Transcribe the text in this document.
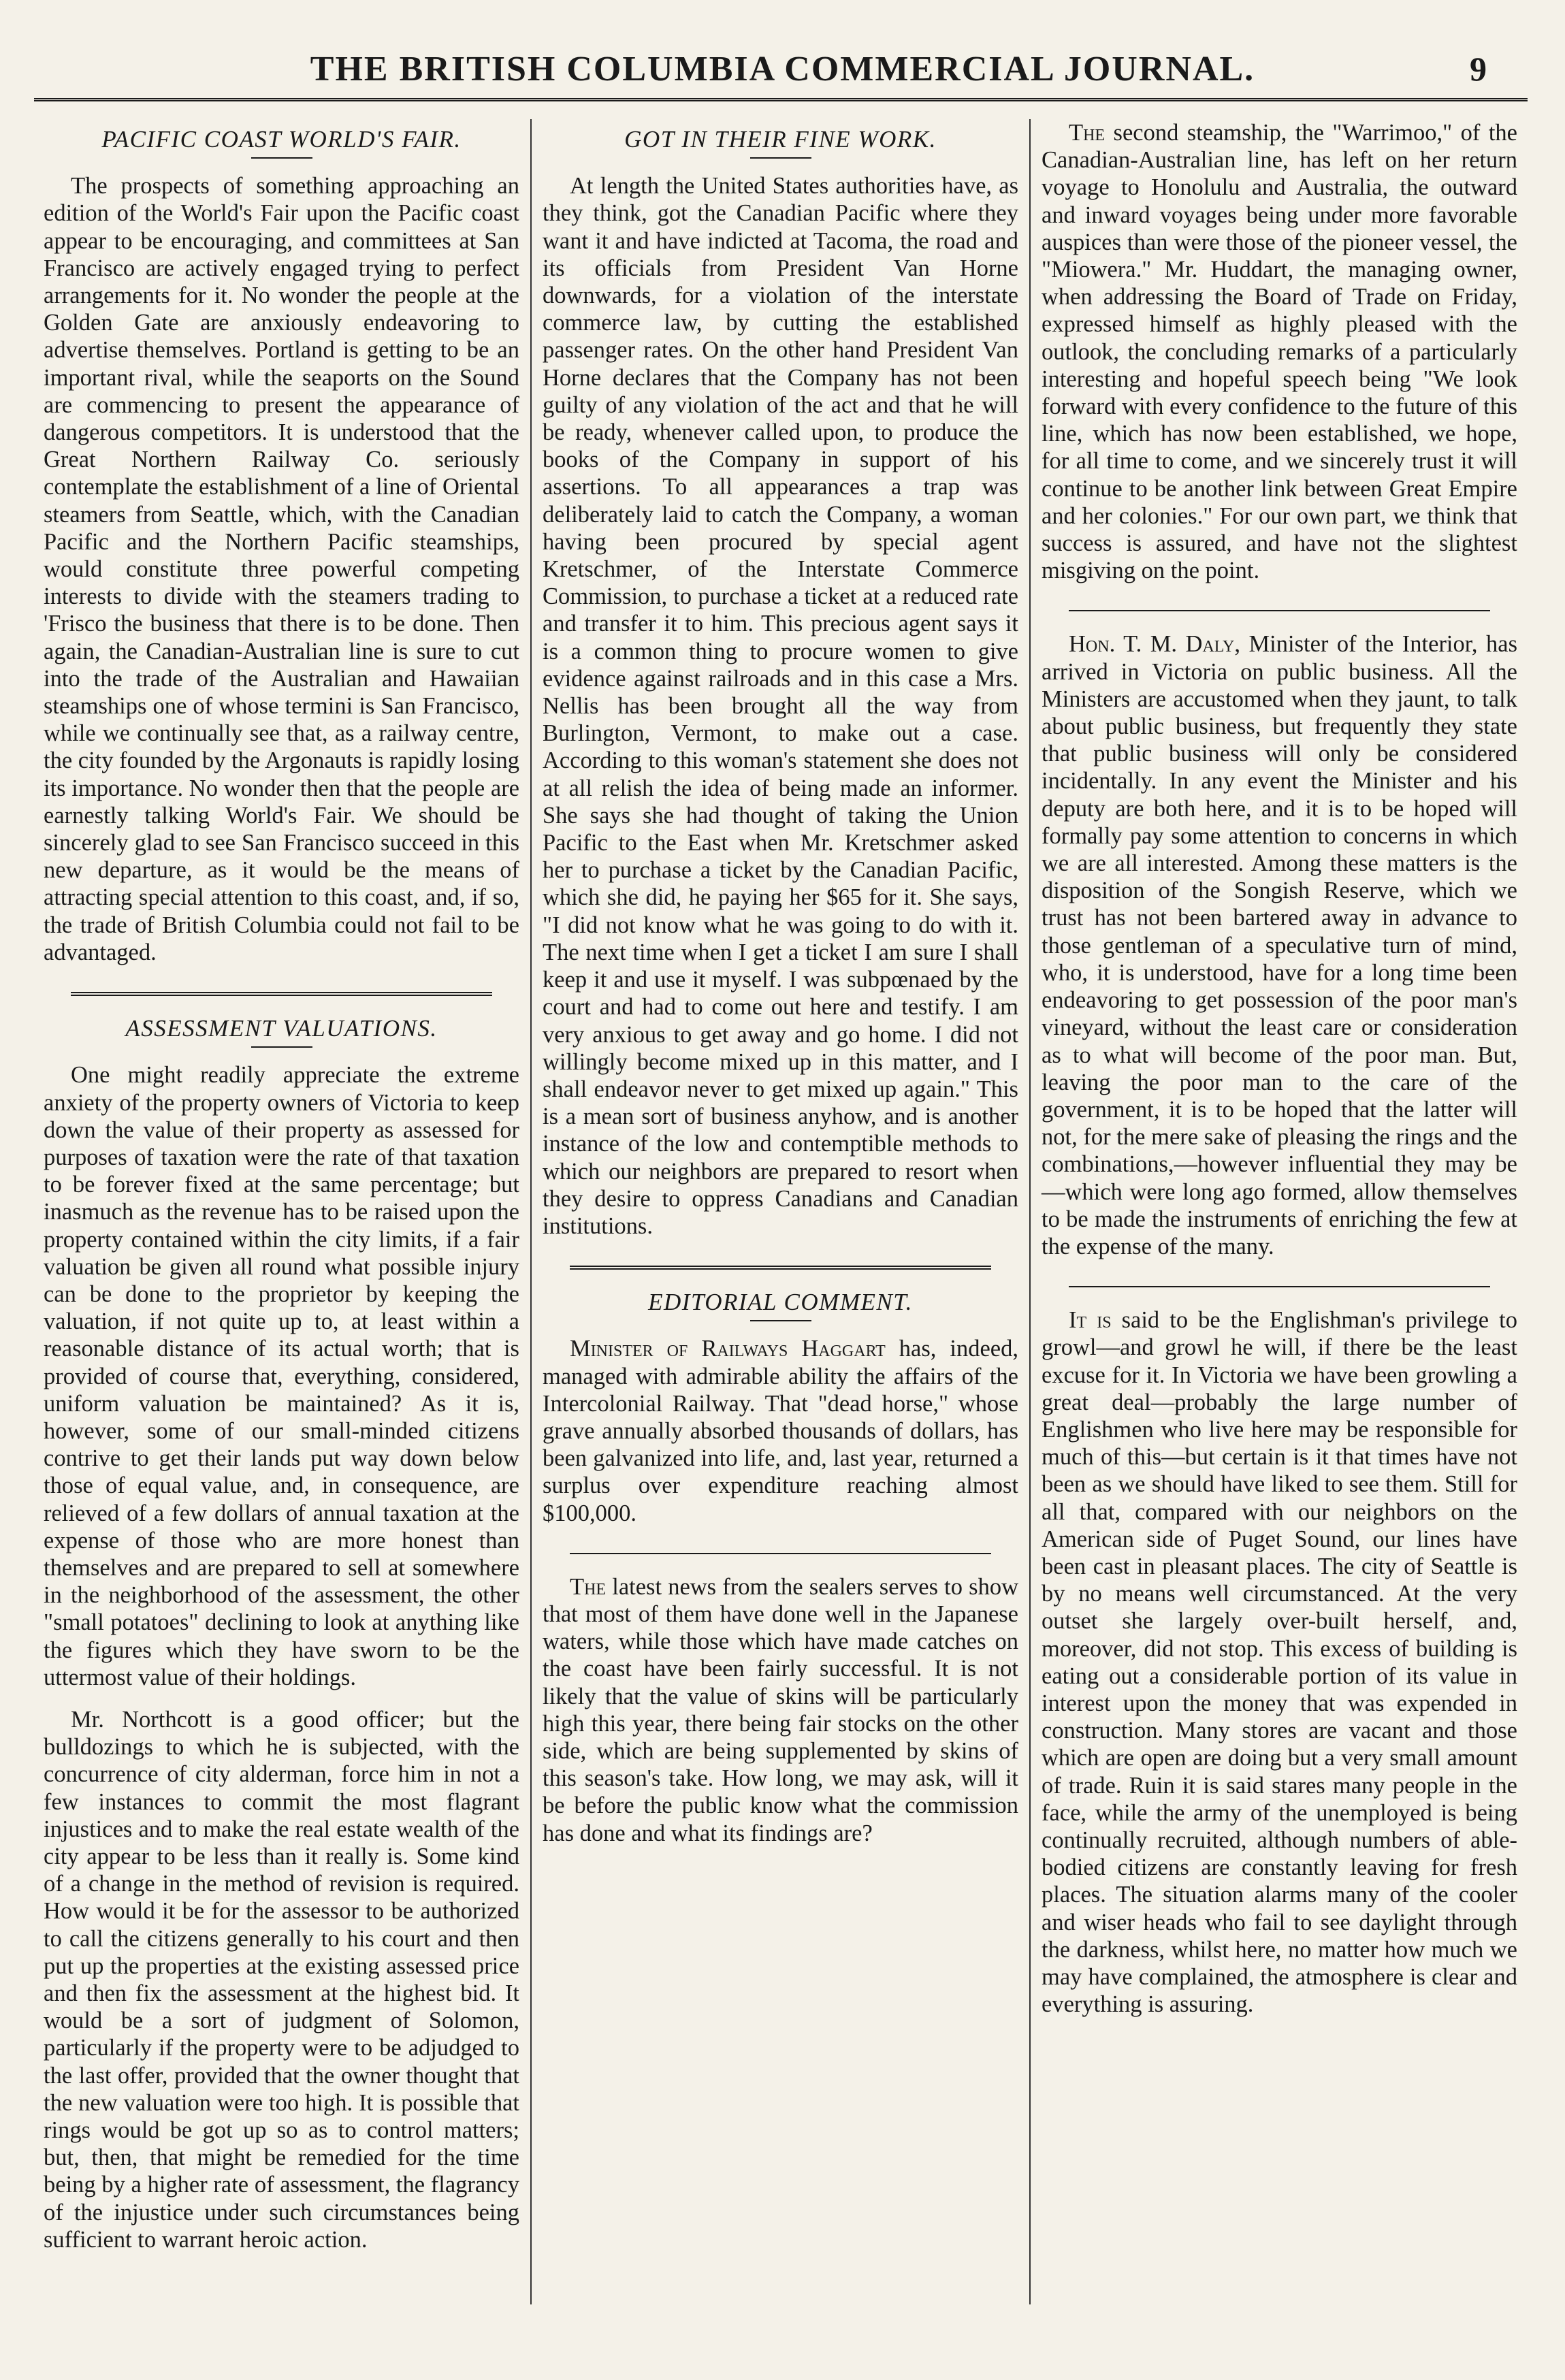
THE BRITISH COLUMBIA COMMERCIAL JOURNAL.	9
PACIFIC COAST WORLD'S FAIR.

The prospects of something approaching an edition of the World's Fair upon the Pacific coast appear to be encouraging, and committees at San Francisco are actively engaged trying to perfect arrangements for it. No wonder the people at the Golden Gate are anxiously endeavoring to advertise themselves. Portland is getting to be an important rival, while the seaports on the Sound are commencing to present the appearance of dangerous competitors. It is understood that the Great Northern Railway Co. seriously contemplate the establishment of a line of Oriental steamers from Seattle, which, with the Canadian Pacific and the Northern Pacific steamships, would constitute three powerful competing interests to divide with the steamers trading to 'Frisco the business that there is to be done. Then again, the Canadian-Australian line is sure to cut into the trade of the Australian and Hawaiian steamships one of whose termini is San Francisco, while we continually see that, as a railway centre, the city founded by the Argonauts is rapidly losing its importance. No wonder then that the people are earnestly talking World's Fair. We should be sincerely glad to see San Francisco succeed in this new departure, as it would be the means of attracting special attention to this coast, and, if so, the trade of British Columbia could not fail to be advantaged.

ASSESSMENT VALUATIONS.

One might readily appreciate the extreme anxiety of the property owners of Victoria to keep down the value of their property as assessed for purposes of taxation were the rate of that taxation to be forever fixed at the same percentage; but inasmuch as the revenue has to be raised upon the property contained within the city limits, if a fair valuation be given all round what possible injury can be done to the proprietor by keeping the valuation, if not quite up to, at least within a reasonable distance of its actual worth; that is provided of course that, everything, considered, uniform valuation be maintained? As it is, however, some of our small-minded citizens contrive to get their lands put way down below those of equal value, and, in consequence, are relieved of a few dollars of annual taxation at the expense of those who are more honest than themselves and are prepared to sell at somewhere in the neighborhood of the assessment, the other "small potatoes" declining to look at anything like the figures which they have sworn to be the uttermost value of their holdings.

Mr. Northcott is a good officer; but the bulldozings to which he is subjected, with the concurrence of city alderman, force him in not a few instances to commit the most flagrant injustices and to make the real estate wealth of the city appear to be less than it really is. Some kind of a change in the method of revision is required. How would it be for the assessor to be authorized to call the citizens generally to his court and then put up the properties at the existing assessed price and then fix the assessment at the highest bid. It would be a sort of judgment of Solomon, particularly if the property were to be adjudged to the last offer, provided that the owner thought that the new valuation were too high. It is possible that rings would be got up so as to control matters; but, then, that might be remedied for the time being by a higher rate of assessment, the flagrancy of the injustice under such circumstances being sufficient to warrant heroic action.

GOT IN THEIR FINE WORK.

At length the United States authorities have, as they think, got the Canadian Pacific where they want it and have indicted at Tacoma, the road and its officials from President Van Horne downwards, for a violation of the interstate commerce law, by cutting the established passenger rates. On the other hand President Van Horne declares that the Company has not been guilty of any violation of the act and that he will be ready, whenever called upon, to produce the books of the Company in support of his assertions. To all appearances a trap was deliberately laid to catch the Company, a woman having been procured by special agent Kretschmer, of the Interstate Commerce Commission, to purchase a ticket at a reduced rate and transfer it to him. This precious agent says it is a common thing to procure women to give evidence against railroads and in this case a Mrs. Nellis has been brought all the way from Burlington, Vermont, to make out a case. According to this woman's statement she does not at all relish the idea of being made an informer. She says she had thought of taking the Union Pacific to the East when Mr. Kretschmer asked her to purchase a ticket by the Canadian Pacific, which she did, he paying her $65 for it. She says, "I did not know what he was going to do with it. The next time when I get a ticket I am sure I shall keep it and use it myself. I was subpœnaed by the court and had to come out here and testify. I am very anxious to get away and go home. I did not willingly become mixed up in this matter, and I shall endeavor never to get mixed up again." This is a mean sort of business anyhow, and is another instance of the low and contemptible methods to which our neighbors are prepared to resort when they desire to oppress Canadians and Canadian institutions.

EDITORIAL COMMENT.

Minister of Railways Haggart has, indeed, managed with admirable ability the affairs of the Intercolonial Railway. That "dead horse," whose grave annually absorbed thousands of dollars, has been galvanized into life, and, last year, returned a surplus over expenditure reaching almost $100,000.

The latest news from the sealers serves to show that most of them have done well in the Japanese waters, while those which have made catches on the coast have been fairly successful. It is not likely that the value of skins will be particularly high this year, there being fair stocks on the other side, which are being supplemented by skins of this season's take. How long, we may ask, will it be before the public know what the commission has done and what its findings are?

The second steamship, the "Warrimoo," of the Canadian-Australian line, has left on her return voyage to Honolulu and Australia, the outward and inward voyages being under more favorable auspices than were those of the pioneer vessel, the "Miowera." Mr. Huddart, the managing owner, when addressing the Board of Trade on Friday, expressed himself as highly pleased with the outlook, the concluding remarks of a particularly interesting and hopeful speech being "We look forward with every confidence to the future of this line, which has now been established, we hope, for all time to come, and we sincerely trust it will continue to be another link between Great Empire and her colonies." For our own part, we think that success is assured, and have not the slightest misgiving on the point.

Hon. T. M. Daly, Minister of the Interior, has arrived in Victoria on public business. All the Ministers are accustomed when they jaunt, to talk about public business, but frequently they state that public business will only be considered incidentally. In any event the Minister and his deputy are both here, and it is to be hoped will formally pay some attention to concerns in which we are all interested. Among these matters is the disposition of the Songish Reserve, which we trust has not been bartered away in advance to those gentleman of a speculative turn of mind, who, it is understood, have for a long time been endeavoring to get possession of the poor man's vineyard, without the least care or consideration as to what will become of the poor man. But, leaving the poor man to the care of the government, it is to be hoped that the latter will not, for the mere sake of pleasing the rings and the combinations,—however influential they may be—which were long ago formed, allow themselves to be made the instruments of enriching the few at the expense of the many.

It is said to be the Englishman's privilege to growl—and growl he will, if there be the least excuse for it. In Victoria we have been growling a great deal—probably the large number of Englishmen who live here may be responsible for much of this—but certain is it that times have not been as we should have liked to see them. Still for all that, compared with our neighbors on the American side of Puget Sound, our lines have been cast in pleasant places. The city of Seattle is by no means well circumstanced. At the very outset she largely over-built herself, and, moreover, did not stop. This excess of building is eating out a considerable portion of its value in interest upon the money that was expended in construction. Many stores are vacant and those which are open are doing but a very small amount of trade. Ruin it is said stares many people in the face, while the army of the unemployed is being continually recruited, although numbers of able-bodied citizens are constantly leaving for fresh places. The situation alarms many of the cooler and wiser heads who fail to see daylight through the darkness, whilst here, no matter how much we may have complained, the atmosphere is clear and everything is assuring.
